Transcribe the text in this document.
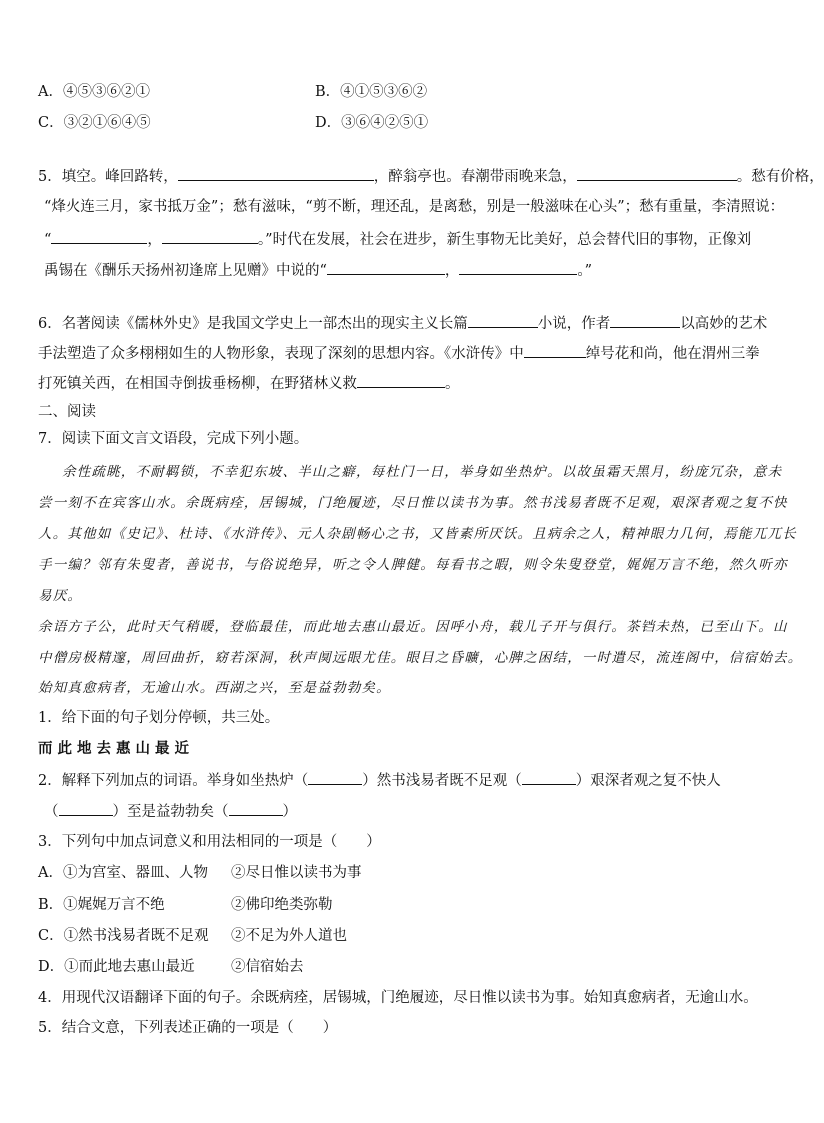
A．④⑤③⑥②①	B．④①⑤③⑥②
C．③②①⑥④⑤	D．③⑥④②⑤①
5．填空。峰回路转，	，醉翁亭也。春潮带雨晚来急，	。愁有价格，
“烽火连三月，家书抵万金”；愁有滋味，“剪不断，理还乱，是离愁，别是一般滋味在心头”；愁有重量，李清照说：
“	，	。”时代在发展，社会在进步，新生事物无比美好，总会替代旧的事物，正像刘
禹锡在《酬乐天扬州初逢席上见赠》中说的“	，	。”
6．名著阅读《儒林外史》是我国文学史上一部杰出的现实主义长篇	小说，作者	以高妙的艺术
手法塑造了众多栩栩如生的人物形象，表现了深刻的思想内容。《水浒传》中	绰号花和尚，他在渭州三拳
打死镇关西，在相国寺倒拔垂杨柳，在野猪林义救	。
二、阅读
7．阅读下面文言文语段，完成下列小题。
余性疏眺，不耐羁锁，不幸犯东坡、半山之癖，每杜门一日，举身如坐热炉。以故虽霜天黑月，纷庞冗杂，意未
尝一刻不在宾客山水。余既病痊，居锡城，门绝履迹，尽日惟以读书为事。然书浅易者既不足观，艰深者观之复不快
人。其他如《史记》、杜诗、《水浒传》、元人杂剧畅心之书，又皆素所厌饫。且病余之人，精神眼力几何，焉能兀兀长
手一编？邻有朱叟者，善说书，与俗说绝异，听之令人脾健。每看书之暇，则令朱叟登堂，娓娓万言不绝，然久听亦
易厌。
余语方子公，此时天气稍暖，登临最佳，而此地去惠山最近。因呼小舟，载儿子开与俱行。茶铛未热，已至山下。山
中僧房极精邃，周回曲折，窈若深洞，秋声阒远眼尤佳。眼目之昏曠，心脾之困结，一时遣尽，流连阁中，信宿始去。
始知真愈病者，无逾山水。西湖之兴，至是益勃勃矣。
1．给下面的句子划分停顿，共三处。
而此地去惠山最近
2．解释下列加点的词语。举身如坐热炉（	）然书浅易者既不足观（	）艰深者观之复不快人
（	）至是益勃勃矣（	）
3．下列句中加点词意义和用法相同的一项是（　　）
A．①为宫室、器皿、人物 ②尽日惟以读书为事
B．①娓娓万言不绝	②佛印绝类弥勒
C．①然书浅易者既不足观 ②不足为外人道也
D．①而此地去惠山最近	②信宿始去
4．用现代汉语翻译下面的句子。余既病痊，居锡城，门绝履迹，尽日惟以读书为事。始知真愈病者，无逾山水。
5．结合文意，下列表述正确的一项是（　　）
